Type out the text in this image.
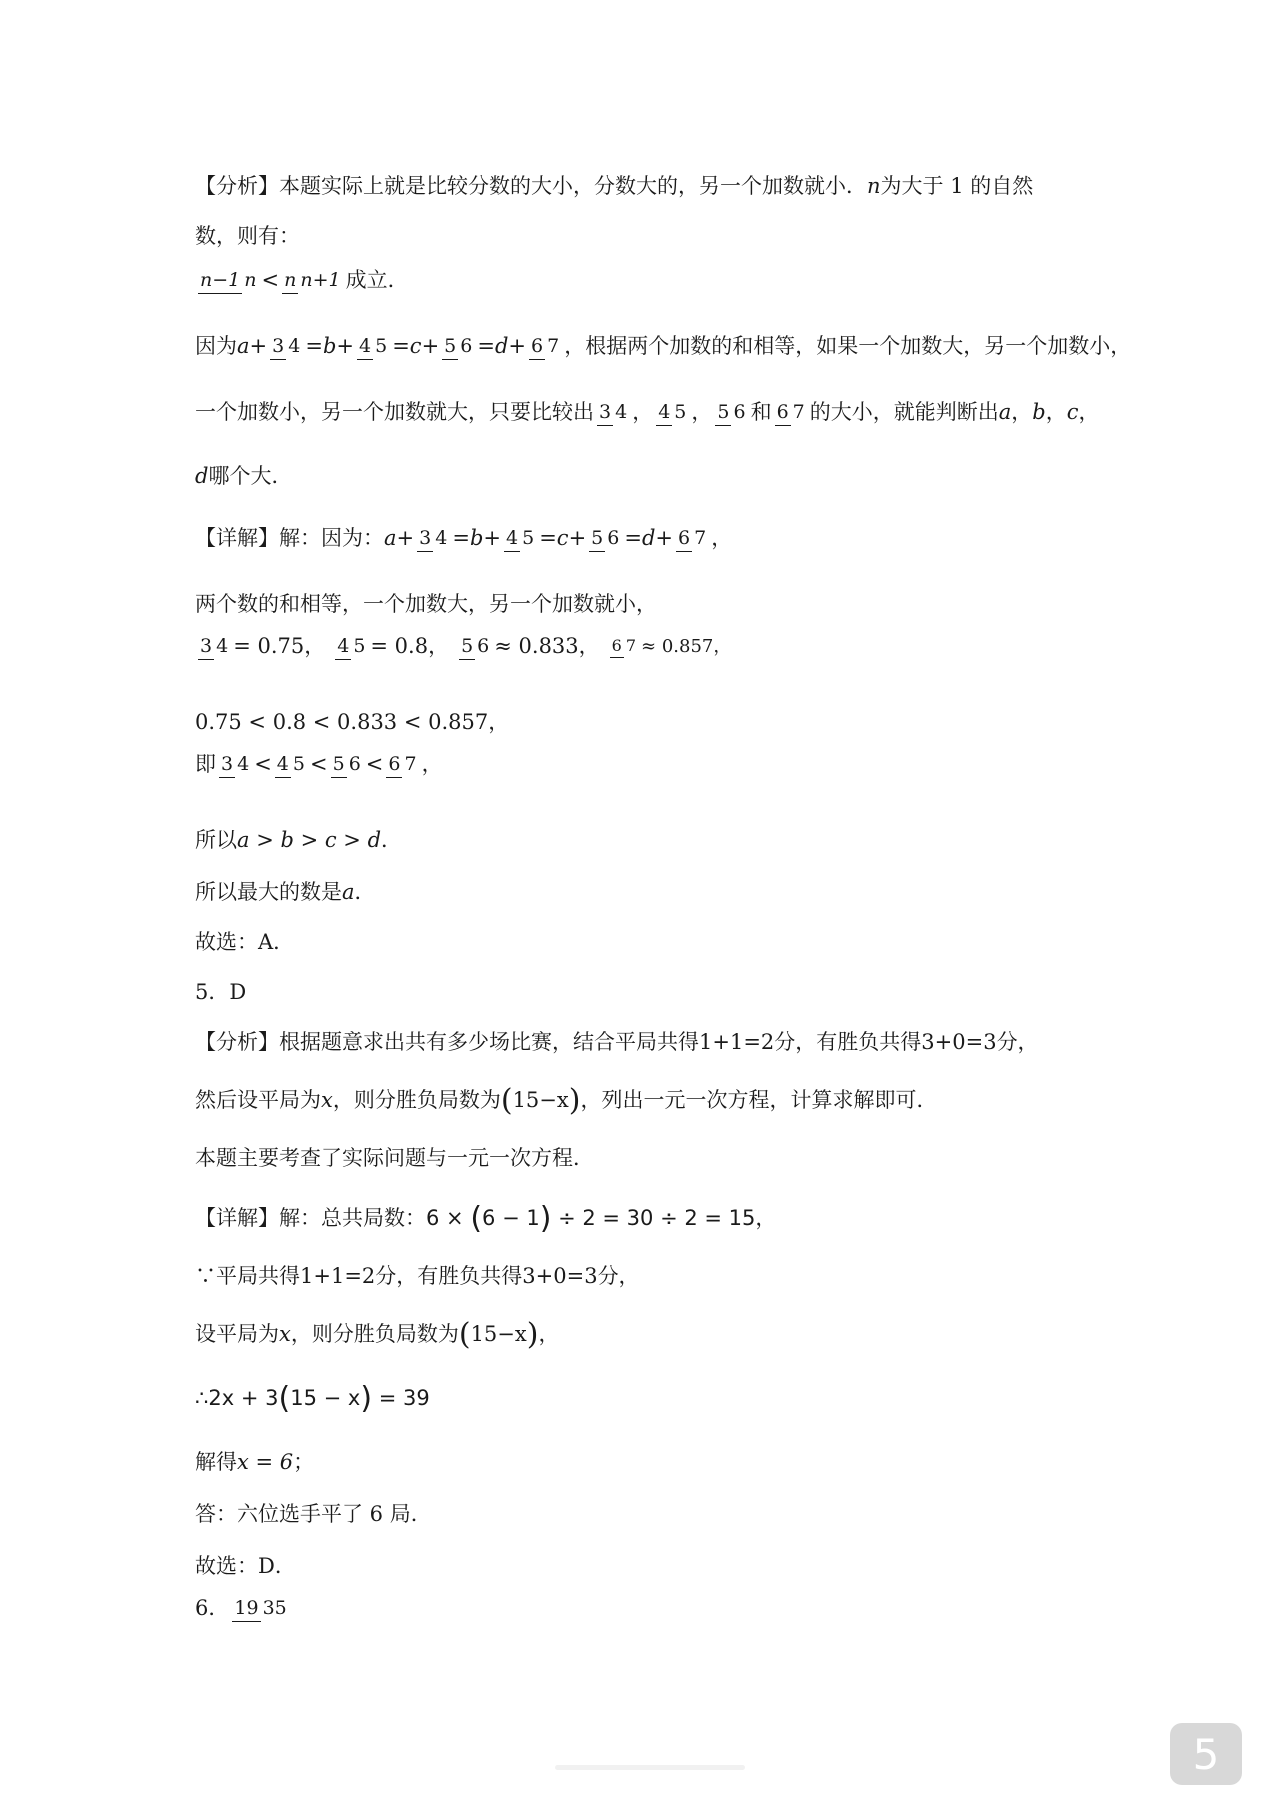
【分析】本题实际上就是比较分数的大小，分数大的，另一个加数就小． n 为大于 1 的自然
数，则有：
n−1 n < n n+1 成立．
因为 a + 3 4 = b + 4 5 = c + 5 6 = d + 6 7 ，根据两个加数的和相等，如果一个加数大，另一个加数小，
一个加数小，另一个加数就大，只要比较出 3 4 ， 4 5 ， 5 6 和 6 7 的大小，就能判断出 a ， b ， c ，
d 哪个大．
【详解】解：因为： a + 3 4 = b + 4 5 = c + 5 6 = d + 6 7 ，
两个数的和相等，一个加数大，另一个加数就小，
3 4 = 0.75， 4 5 = 0.8， 5 6 ≈ 0.833， 6 7 ≈ 0.857，
0.75 < 0.8 < 0.833 < 0.857，
即 3 4 < 4 5 < 5 6 < 6 7 ，
所以 a > b > c > d ．
所以最大的数是 a ．
故选：A．
5．D
【分析】根据题意求出共有多少场比赛，结合平局共得 1+1=2 分，有胜负共得 3+0=3 分，
然后设平局为 x ，则分胜负局数为 ( 15−x ) ，列出一元一次方程，计算求解即可．
本题主要考查了实际问题与一元一次方程．
【详解】解：总共局数： 6 × ( 6 − 1 ) ÷ 2 = 30 ÷ 2 = 15 ，
∵平局共得 1+1=2 分，有胜负共得 3+0=3 分，
设平局为 x ，则分胜负局数为 ( 15−x ) ，
∴ 2x + 3 ( 15 − x ) = 39
解得 x = 6 ；
答：六位选手平了 6 局．
故选：D．
6． 19 35
5
